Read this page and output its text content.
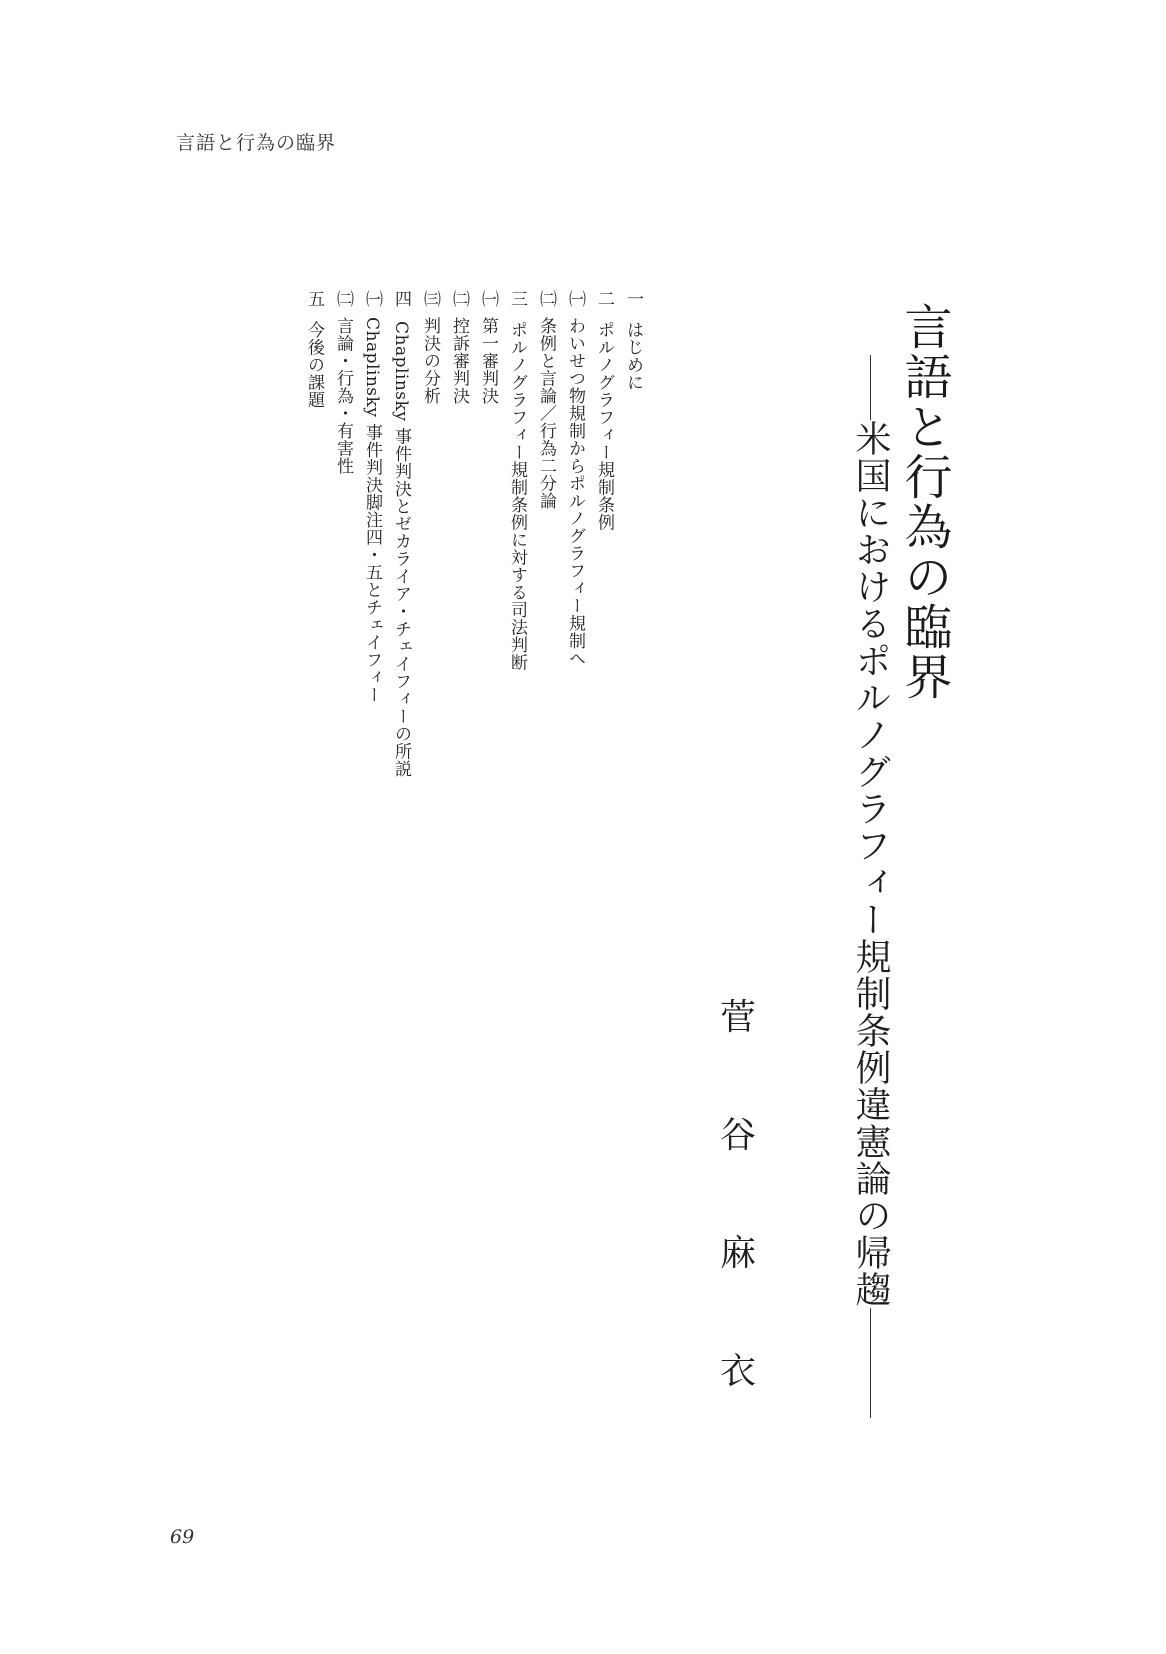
言語と行為の臨界
言語と行為の臨界
米国におけるポルノグラフィー規制条例違憲論の帰趨
菅
谷
麻
衣
一
はじめに
二
ポルノグラフィー規制条例
㈠
わいせつ物規制からポルノグラフィー規制へ
㈡
条例と言論／行為二分論
三
ポルノグラフィー規制条例に対する司法判断
㈠
第一審判決
㈡
控訴審判決
㈢
判決の分析
四
Chaplinsky 事件判決とゼカライア・チェイフィーの所説
㈠
Chaplinsky 事件判決脚注四・五とチェイフィー
㈡
言論・行為・有害性
五
今後の課題
69
